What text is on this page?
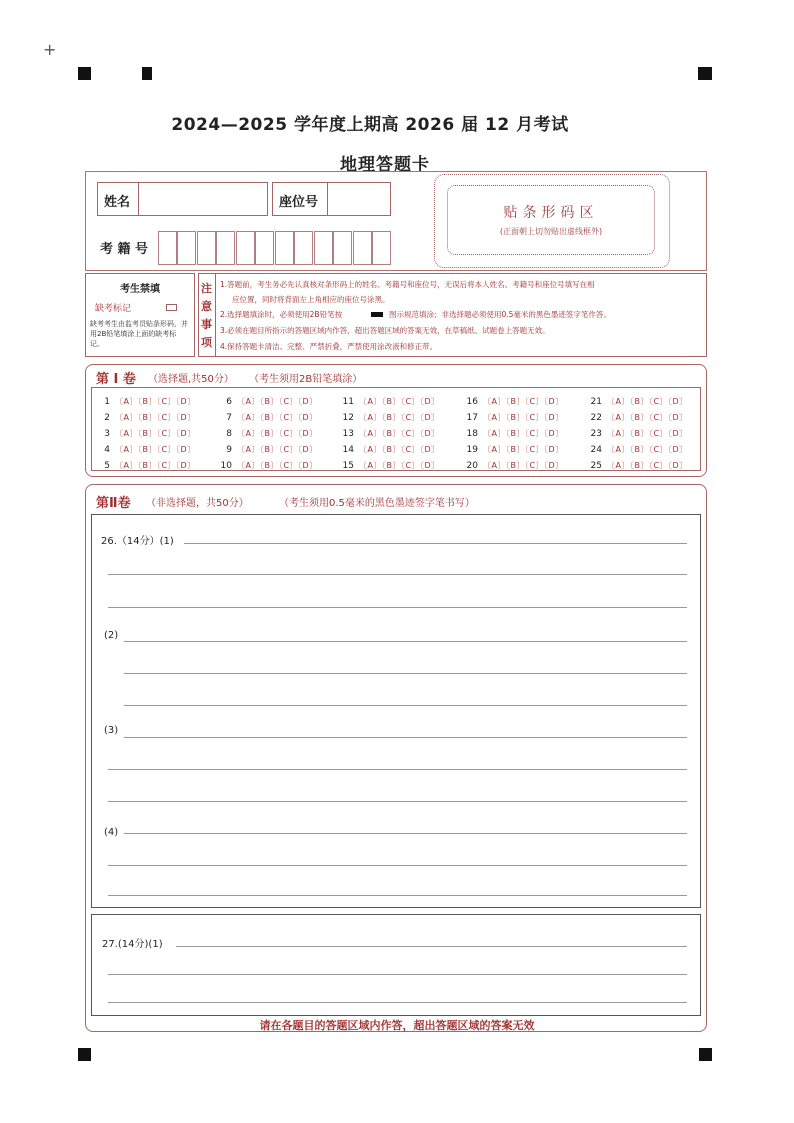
+
2024—2025 学年度上期高 2026 届 12 月考试
地理答题卡
姓名	座位号
考 籍 号
贴条形码区
(正面朝上切勿贴出虚线框外)
考生禁填
缺考标记
缺考考生由监考员贴条形码，并用2B铅笔填涂上面的缺考标记。
注
意
事
项
1.答题前，考生务必先认真核对条形码上的姓名、考籍号和座位号，无误后将本人姓名、考籍号和座位号填写在相
应位置，同时将背面左上角相应的座位号涂黑。
2.选择题填涂时，必须使用2B铅笔按	图示规范填涂；非选择题必须使用0.5毫米的黑色墨迹签字笔作答。
3.必须在题目所指示的答题区域内作答，超出答题区域的答案无效，在草稿纸、试题卷上答题无效。
4.保持答题卡清洁、完整、严禁折叠，严禁使用涂改液和修正带。
第 Ⅰ 卷 （选择题,共50分） （考生须用2B铅笔填涂）
1 〔A〕〔B〕〔C〕〔D〕
2 〔A〕〔B〕〔C〕〔D〕
3 〔A〕〔B〕〔C〕〔D〕
4 〔A〕〔B〕〔C〕〔D〕
5 〔A〕〔B〕〔C〕〔D〕
6 〔A〕〔B〕〔C〕〔D〕
7 〔A〕〔B〕〔C〕〔D〕
8 〔A〕〔B〕〔C〕〔D〕
9 〔A〕〔B〕〔C〕〔D〕
10 〔A〕〔B〕〔C〕〔D〕
11 〔A〕〔B〕〔C〕〔D〕
12 〔A〕〔B〕〔C〕〔D〕
13 〔A〕〔B〕〔C〕〔D〕
14 〔A〕〔B〕〔C〕〔D〕
15 〔A〕〔B〕〔C〕〔D〕
16 〔A〕〔B〕〔C〕〔D〕
17 〔A〕〔B〕〔C〕〔D〕
18 〔A〕〔B〕〔C〕〔D〕
19 〔A〕〔B〕〔C〕〔D〕
20 〔A〕〔B〕〔C〕〔D〕
21 〔A〕〔B〕〔C〕〔D〕
22 〔A〕〔B〕〔C〕〔D〕
23 〔A〕〔B〕〔C〕〔D〕
24 〔A〕〔B〕〔C〕〔D〕
25 〔A〕〔B〕〔C〕〔D〕
第Ⅱ卷 （非选择题，共50分）	（考生须用0.5毫米的黑色墨迹签字笔书写）
26.（14分）(1)
(2)
(3)
(4)
27.(14分)(1)
请在各题目的答题区域内作答，超出答题区域的答案无效
